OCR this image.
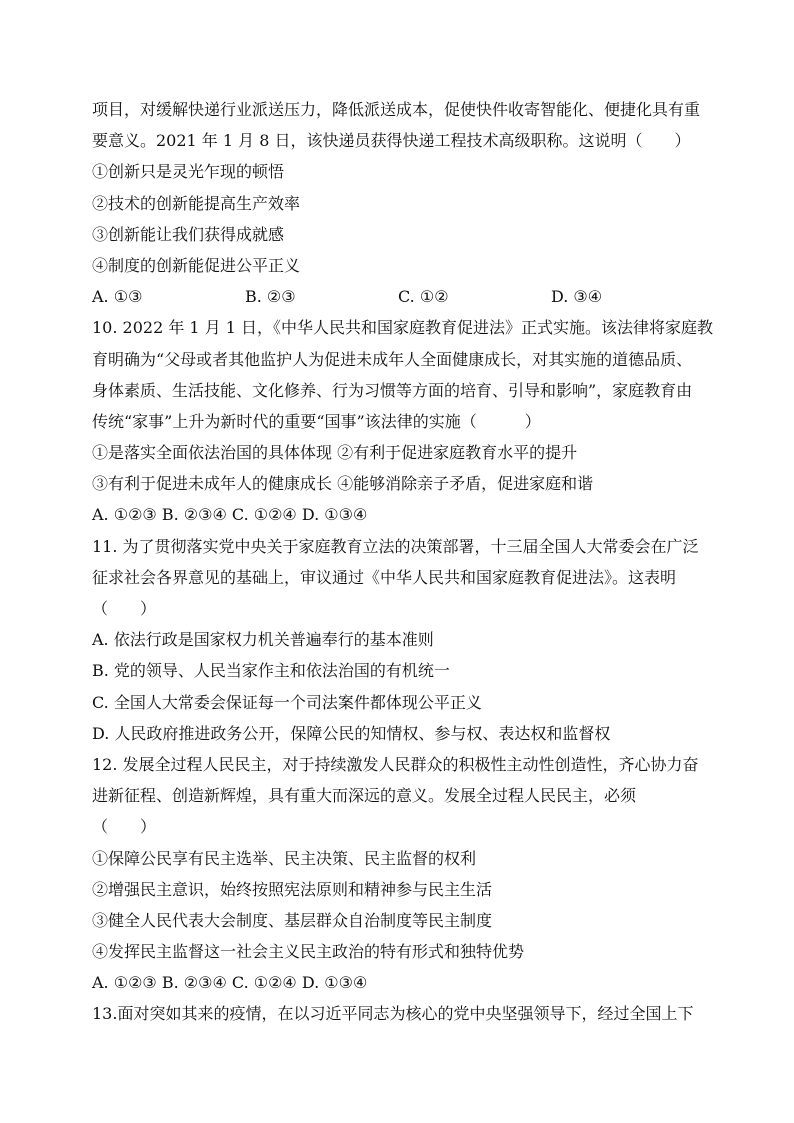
项目，对缓解快递行业派送压力，降低派送成本，促使快件收寄智能化、便捷化具有重
要意义。2021 年 1 月 8 日，该快递员获得快递工程技术高级职称。这说明（　　）
①创新只是灵光乍现的顿悟
②技术的创新能提高生产效率
③创新能让我们获得成就感
④制度的创新能促进公平正义
A. ①③	B. ②③	C. ①②	D. ③④
10. 2022 年 1 月 1 日，《中华人民共和国家庭教育促进法》正式实施。该法律将家庭教
育明确为“父母或者其他监护人为促进未成年人全面健康成长，对其实施的道德品质、
身体素质、生活技能、文化修养、行为习惯等方面的培育、引导和影响”，家庭教育由
传统“家事”上升为新时代的重要“国事”该法律的实施（　　　）
①是落实全面依法治国的具体体现 ②有利于促进家庭教育水平的提升
③有利于促进未成年人的健康成长 ④能够消除亲子矛盾，促进家庭和谐
A. ①②③ B. ②③④ C. ①②④ D. ①③④
11. 为了贯彻落实党中央关于家庭教育立法的决策部署，十三届全国人大常委会在广泛
征求社会各界意见的基础上，审议通过《中华人民共和国家庭教育促进法》。这表明
（　　）
A. 依法行政是国家权力机关普遍奉行的基本准则
B. 党的领导、人民当家作主和依法治国的有机统一
C. 全国人大常委会保证每一个司法案件都体现公平正义
D. 人民政府推进政务公开，保障公民的知情权、参与权、表达权和监督权
12. 发展全过程人民民主，对于持续激发人民群众的积极性主动性创造性，齐心协力奋
进新征程、创造新辉煌，具有重大而深远的意义。发展全过程人民民主，必须
（　　）
①保障公民享有民主选举、民主决策、民主监督的权利
②增强民主意识，始终按照宪法原则和精神参与民主生活
③健全人民代表大会制度、基层群众自治制度等民主制度
④发挥民主监督这一社会主义民主政治的特有形式和独特优势
A. ①②③ B. ②③④ C. ①②④ D. ①③④
13.面对突如其来的疫情，在以习近平同志为核心的党中央坚强领导下，经过全国上下
